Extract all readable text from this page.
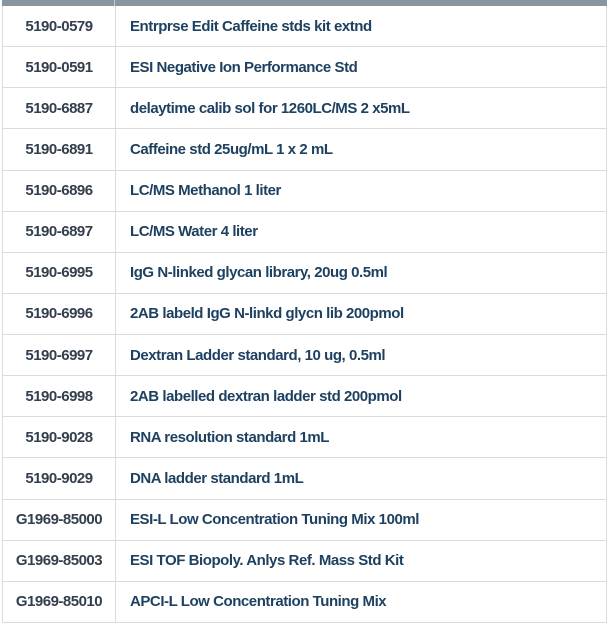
5190-0579	Entrprse Edit Caffeine stds kit extnd
5190-0591	ESI Negative Ion Performance Std
5190-6887	delaytime calib sol for 1260LC/MS 2 x5mL
5190-6891	Caffeine std 25ug/mL 1 x 2 mL
5190-6896	LC/MS Methanol 1 liter
5190-6897	LC/MS Water 4 liter
5190-6995	IgG N-linked glycan library, 20ug 0.5ml
5190-6996	2AB labeld IgG N-linkd glycn lib 200pmol
5190-6997	Dextran Ladder standard, 10 ug, 0.5ml
5190-6998	2AB labelled dextran ladder std 200pmol
5190-9028	RNA resolution standard 1mL
5190-9029	DNA ladder standard 1mL
G1969-85000	ESI-L Low Concentration Tuning Mix 100ml
G1969-85003	ESI TOF Biopoly. Anlys Ref. Mass Std Kit
G1969-85010	APCI-L Low Concentration Tuning Mix
